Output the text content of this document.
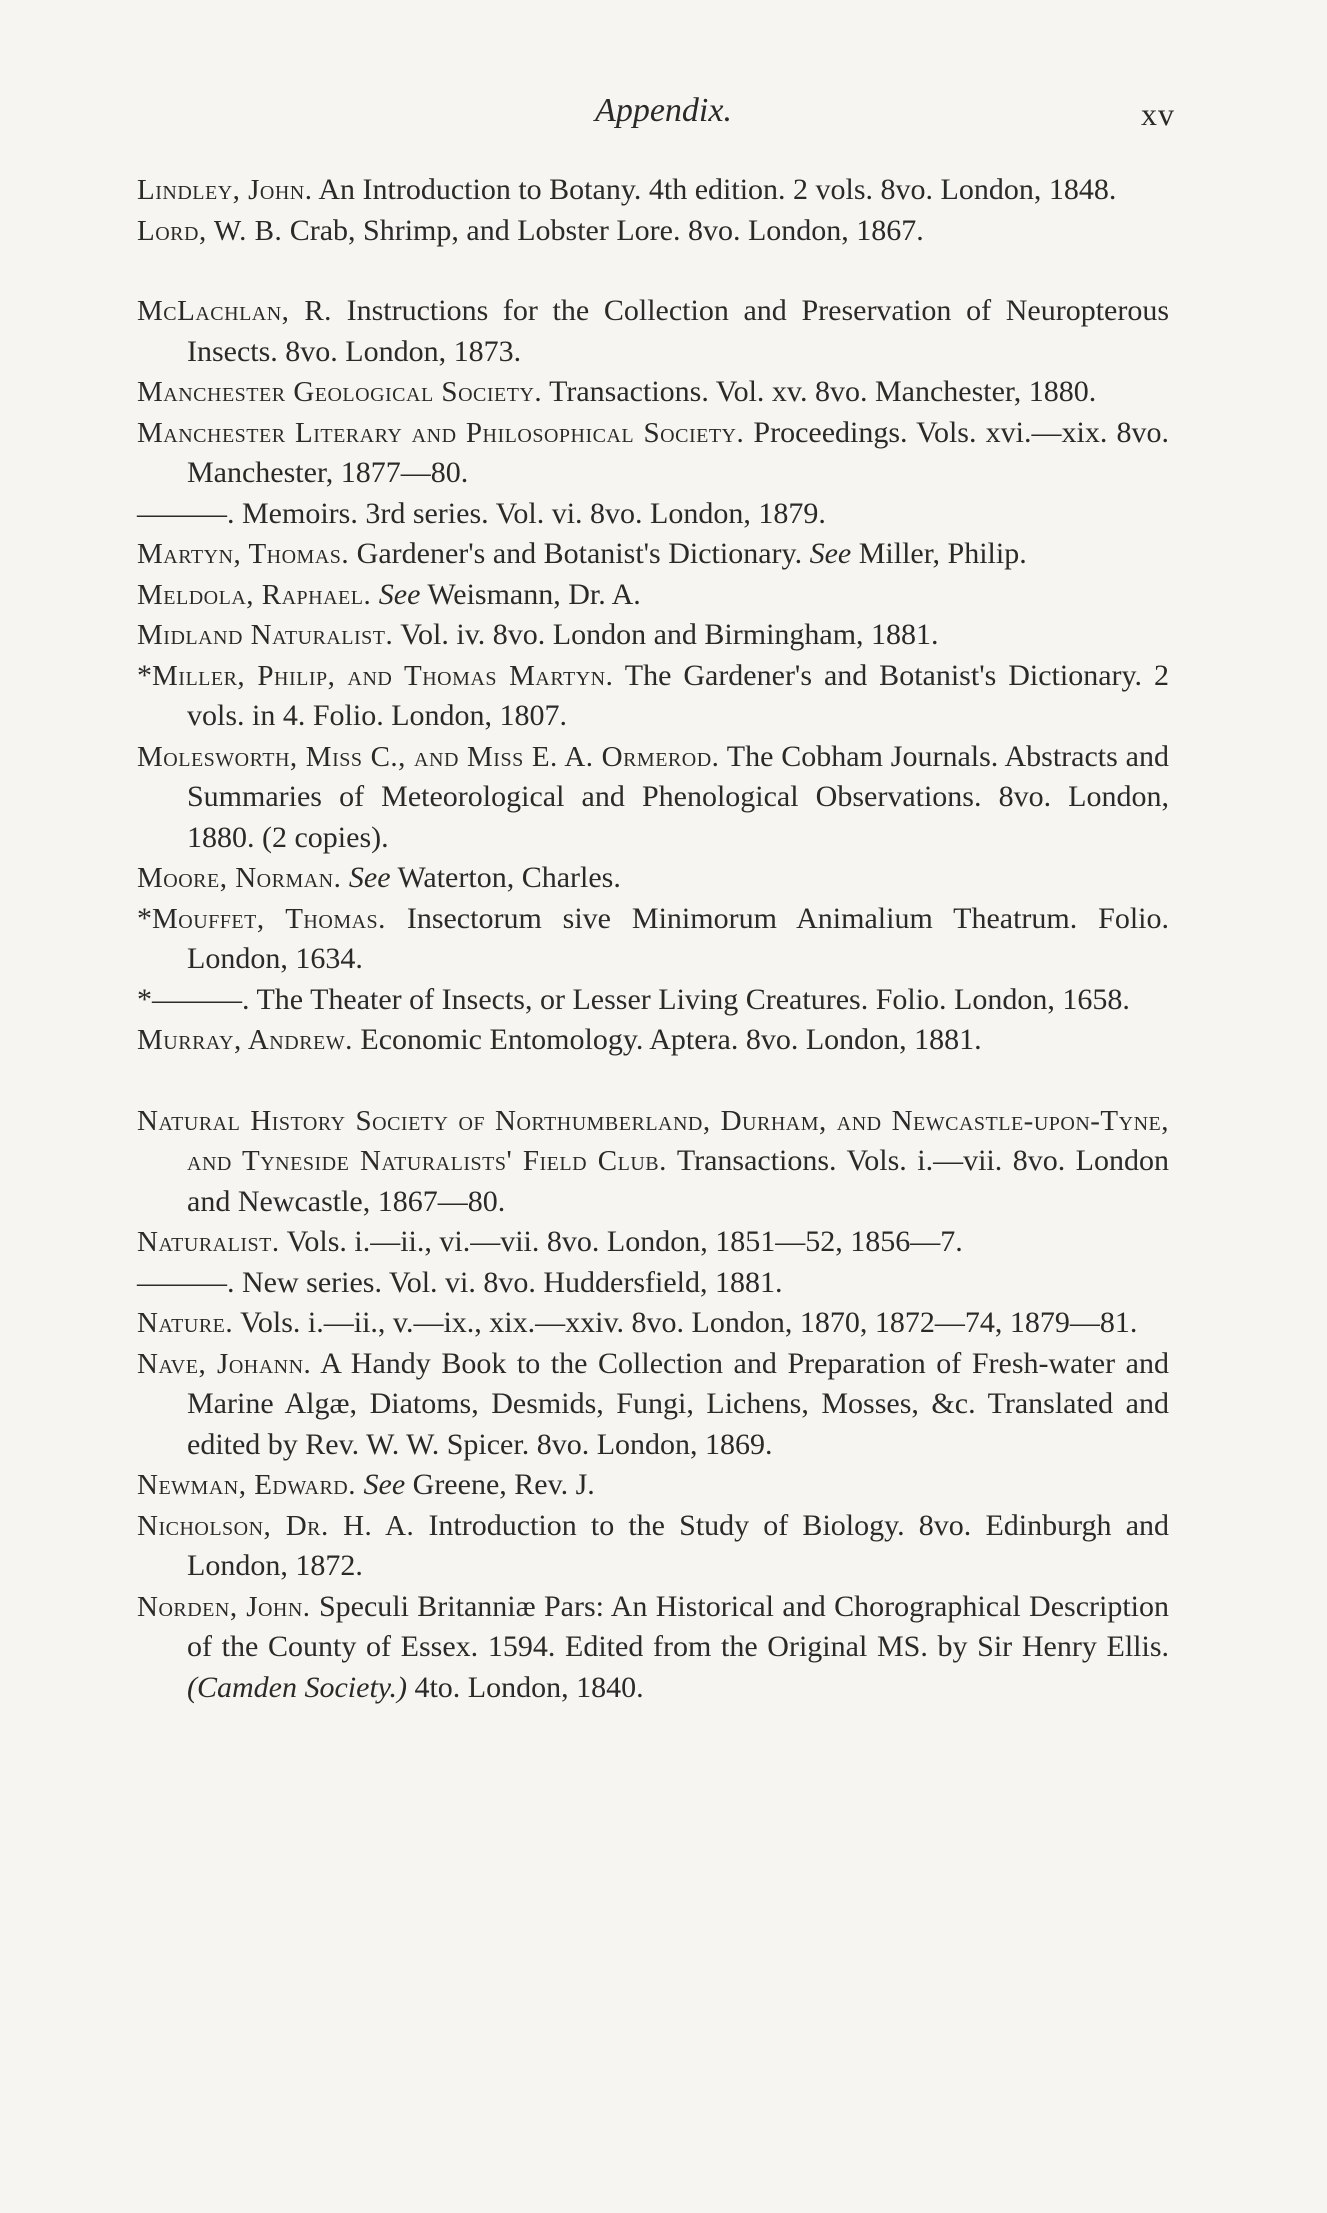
Appendix.	xv

Lindley, John. An Introduction to Botany. 4th edition. 2 vols. 8vo. London, 1848.

Lord, W. B. Crab, Shrimp, and Lobster Lore. 8vo. London, 1867.

McLachlan, R. Instructions for the Collection and Preservation of Neuropterous Insects. 8vo. London, 1873.

Manchester Geological Society. Transactions. Vol. xv. 8vo. Manchester, 1880.

Manchester Literary and Philosophical Society. Proceedings. Vols. xvi.—xix. 8vo. Manchester, 1877—80.

———. Memoirs. 3rd series. Vol. vi. 8vo. London, 1879.

Martyn, Thomas. Gardener's and Botanist's Dictionary. See Miller, Philip.

Meldola, Raphael. See Weismann, Dr. A.

Midland Naturalist. Vol. iv. 8vo. London and Birmingham, 1881.

*Miller, Philip, and Thomas Martyn. The Gardener's and Botanist's Dictionary. 2 vols. in 4. Folio. London, 1807.

Molesworth, Miss C., and Miss E. A. Ormerod. The Cobham Journals. Abstracts and Summaries of Meteorological and Phenological Observations. 8vo. London, 1880. (2 copies).

Moore, Norman. See Waterton, Charles.

*Mouffet, Thomas. Insectorum sive Minimorum Animalium Theatrum. Folio. London, 1634.

*———. The Theater of Insects, or Lesser Living Creatures. Folio. London, 1658.

Murray, Andrew. Economic Entomology. Aptera. 8vo. London, 1881.

Natural History Society of Northumberland, Durham, and Newcastle-upon-Tyne, and Tyneside Naturalists' Field Club. Transactions. Vols. i.—vii. 8vo. London and Newcastle, 1867—80.

Naturalist. Vols. i.—ii., vi.—vii. 8vo. London, 1851—52, 1856—7.

———. New series. Vol. vi. 8vo. Huddersfield, 1881.

Nature. Vols. i.—ii., v.—ix., xix.—xxiv. 8vo. London, 1870, 1872—74, 1879—81.

Nave, Johann. A Handy Book to the Collection and Preparation of Fresh-water and Marine Algæ, Diatoms, Desmids, Fungi, Lichens, Mosses, &c. Translated and edited by Rev. W. W. Spicer. 8vo. London, 1869.

Newman, Edward. See Greene, Rev. J.

Nicholson, Dr. H. A. Introduction to the Study of Biology. 8vo. Edinburgh and London, 1872.

Norden, John. Speculi Britanniæ Pars: An Historical and Chorographical Description of the County of Essex. 1594. Edited from the Original MS. by Sir Henry Ellis. (Camden Society.) 4to. London, 1840.
